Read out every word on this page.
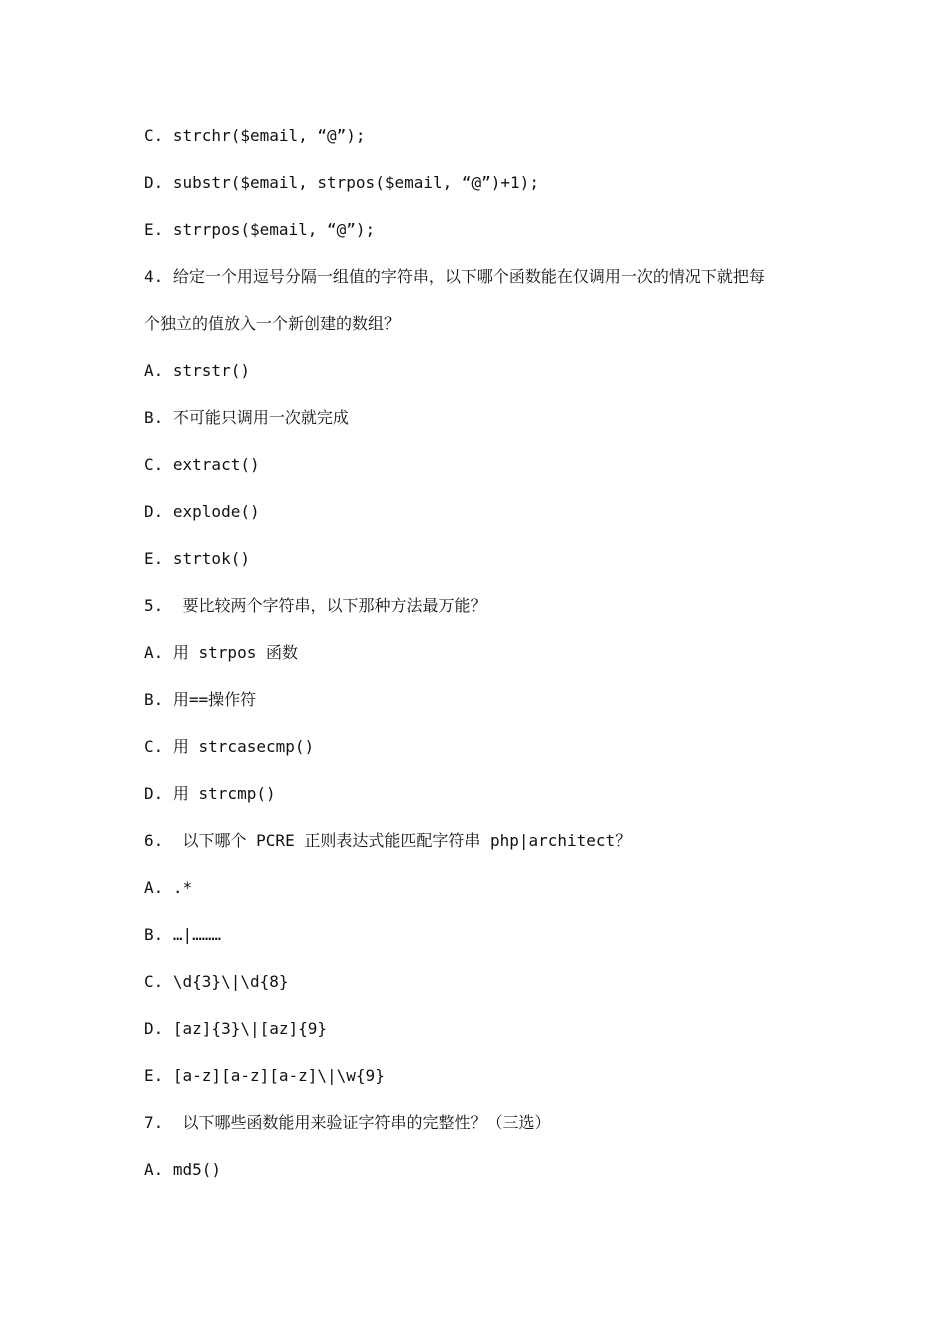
C. strchr($email, “@”);
D. substr($email, strpos($email, “@”)+1);
E. strrpos($email, “@”);
4. 给定一个用逗号分隔一组值的字符串，以下哪个函数能在仅调用一次的情况下就把每
个独立的值放入一个新创建的数组？
A. strstr()
B. 不可能只调用一次就完成
C. extract()
D. explode()
E. strtok()
5.  要比较两个字符串，以下那种方法最万能？
A. 用 strpos 函数
B. 用==操作符
C. 用 strcasecmp()
D. 用 strcmp()
6.  以下哪个 PCRE 正则表达式能匹配字符串 php|architect？
A. .*
B. …|………
C. \d{3}\|\d{8}
D. [az]{3}\|[az]{9}
E. [a-z][a-z][a-z]\|\w{9}
7.  以下哪些函数能用来验证字符串的完整性？（三选）
A. md5()
